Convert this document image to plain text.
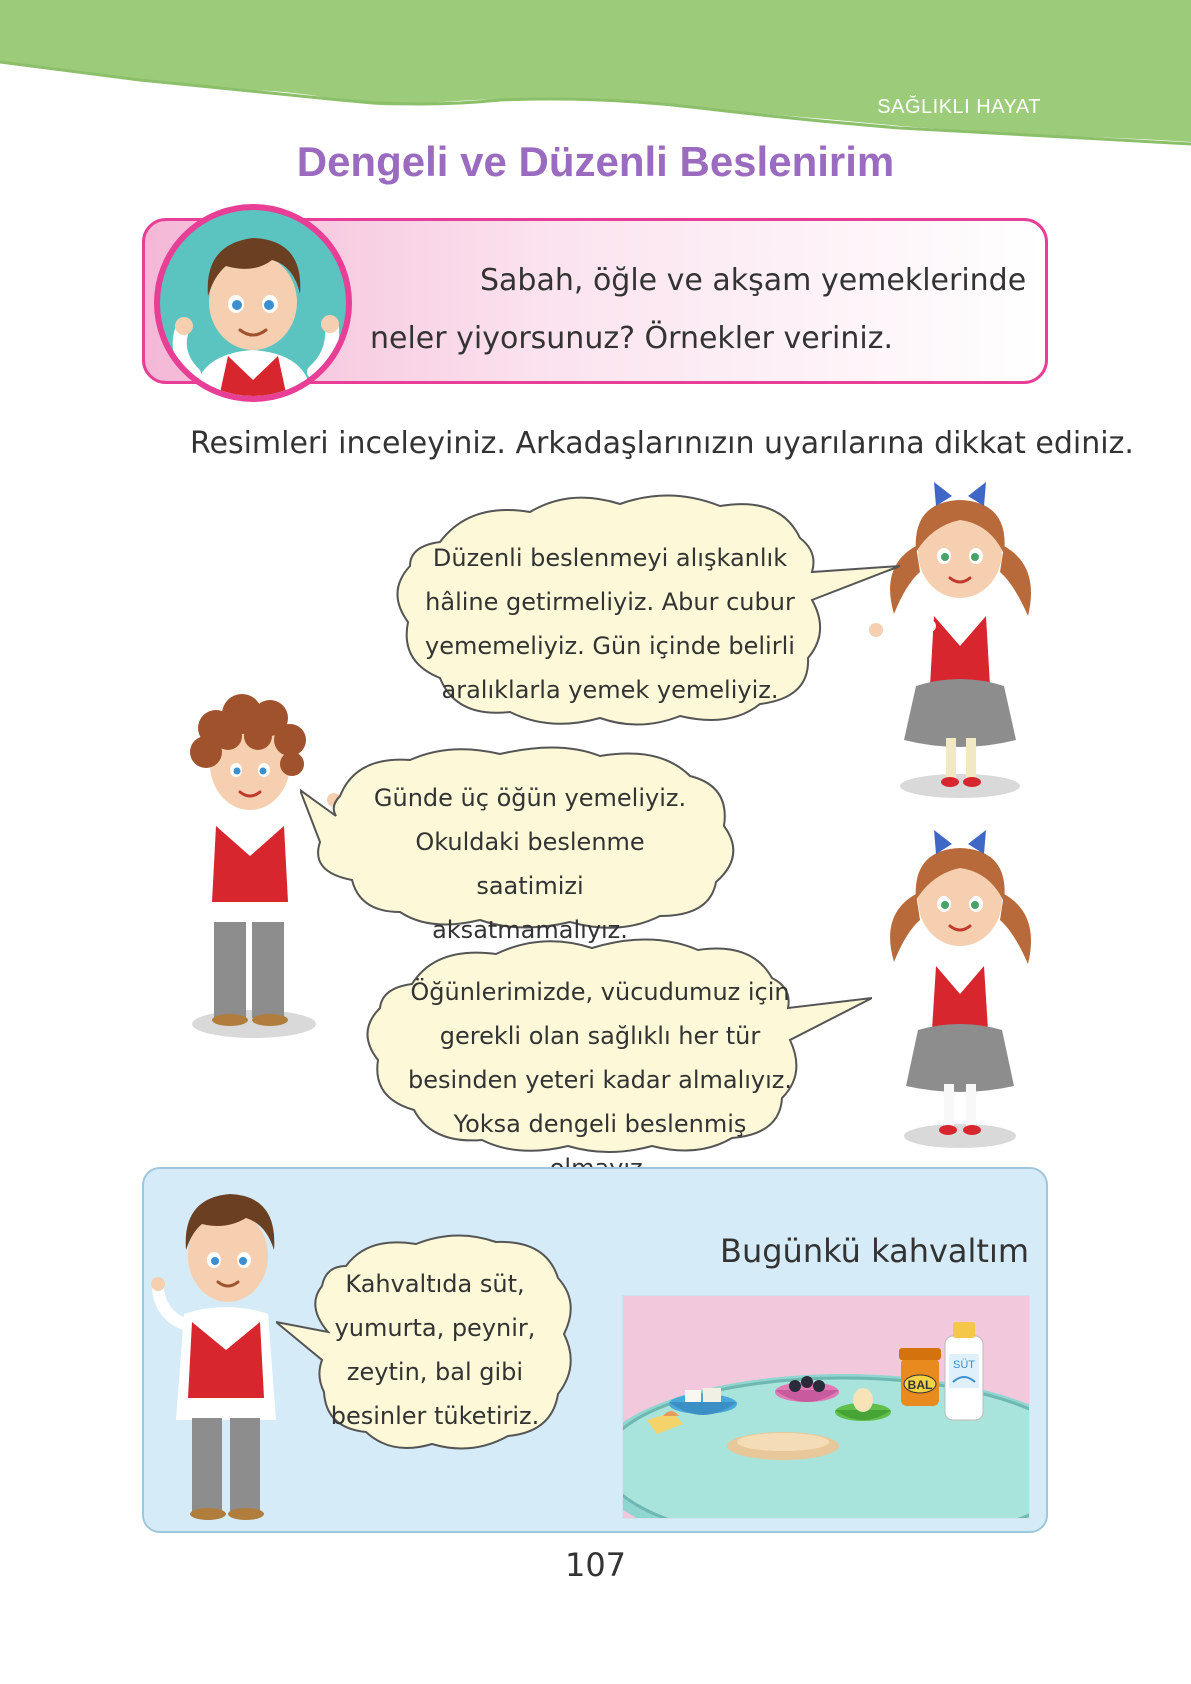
SAĞLIKLI HAYAT
Dengeli ve Düzenli Beslenirim
Sabah, öğle ve akşam yemeklerinde
neler yiyorsunuz? Örnekler veriniz.
Resimleri inceleyiniz. Arkadaşlarınızın uyarılarına dikkat ediniz.
Düzenli beslenmeyi alışkanlık
hâline getirmeliyiz. Abur cubur
yememeliyiz. Gün içinde belirli
aralıklarla yemek yemeliyiz.
Günde üç öğün yemeliyiz.
Okuldaki beslenme saatimizi
aksatmamalıyız.
Öğünlerimizde, vücudumuz için
gerekli olan sağlıklı her tür
besinden yeteri kadar almalıyız.
Yoksa dengeli beslenmiş
Kahvaltıda süt,
yumurta, peynir,
zeytin, bal gibi
besinler tüketiriz.
Bugünkü kahvaltım
BAL
SÜT
107
